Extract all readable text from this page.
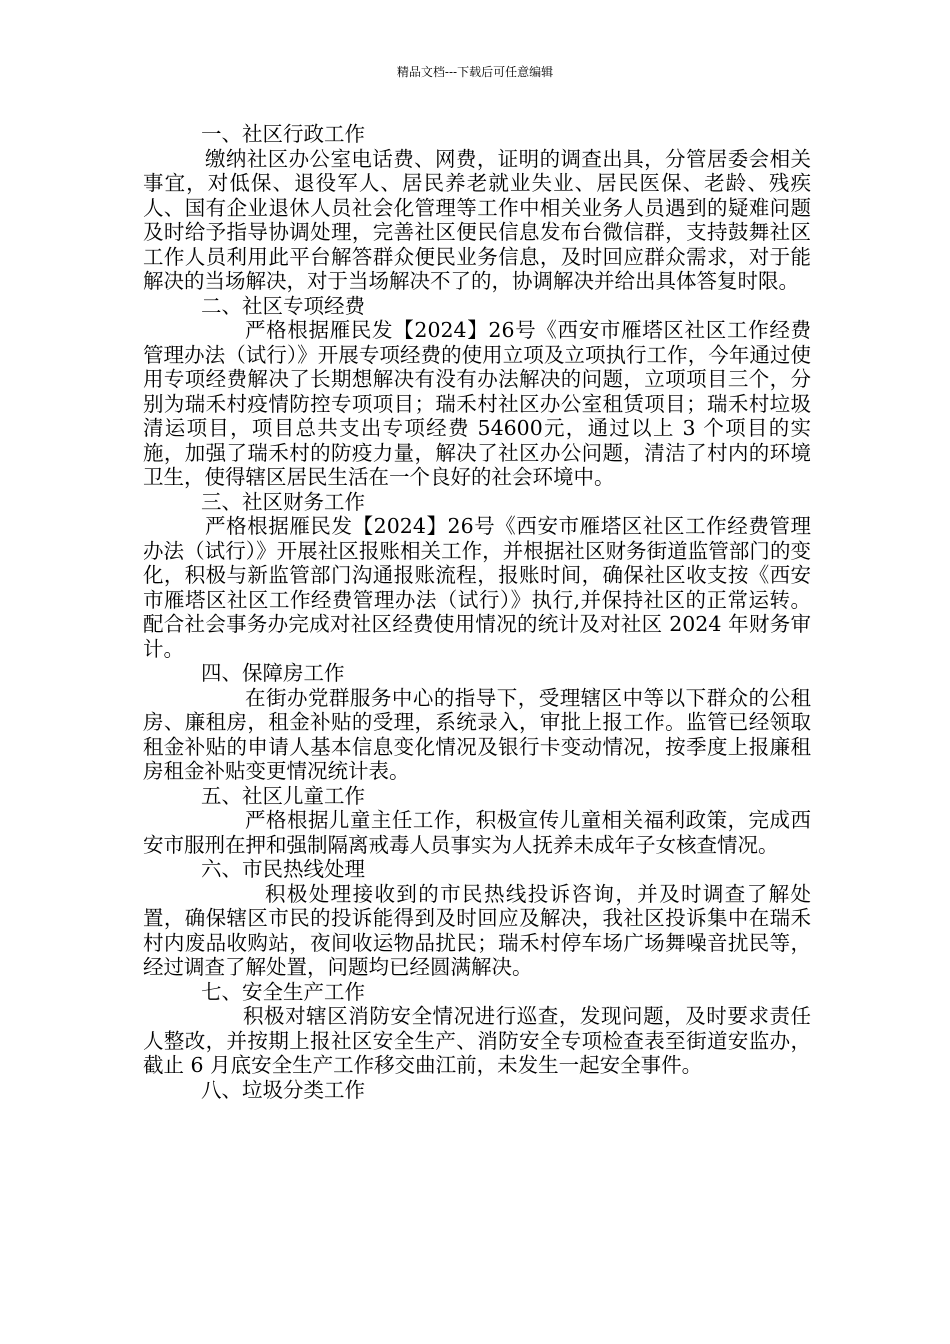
精品文档---下载后可任意编辑

一、社区行政工作

缴纳社区办公室电话费、网费，证明的调查出具，分管居委会相关事宜，对低保、退役军人、居民养老就业失业、居民医保、老龄、残疾人、国有企业退休人员社会化管理等工作中相关业务人员遇到的疑难问题及时给予指导协调处理，完善社区便民信息发布台微信群，支持鼓舞社区工作人员利用此平台解答群众便民业务信息，及时回应群众需求，对于能解决的当场解决，对于当场解决不了的，协调解决并给出具体答复时限。

二、社区专项经费

严格根据雁民发【2024】26号《西安市雁塔区社区工作经费管理办法（试行）》开展专项经费的使用立项及立项执行工作，今年通过使用专项经费解决了长期想解决有没有办法解决的问题，立项项目三个，分别为瑞禾村疫情防控专项项目；瑞禾村社区办公室租赁项目；瑞禾村垃圾清运项目，项目总共支出专项经费 54600元，通过以上 3 个项目的实施，加强了瑞禾村的防疫力量，解决了社区办公问题，清洁了村内的环境卫生，使得辖区居民生活在一个良好的社会环境中。

三、社区财务工作

严格根据雁民发【2024】26号《西安市雁塔区社区工作经费管理办法（试行）》开展社区报账相关工作，并根据社区财务街道监管部门的变化，积极与新监管部门沟通报账流程，报账时间，确保社区收支按《西安市雁塔区社区工作经费管理办法（试行）》执行,并保持社区的正常运转。配合社会事务办完成对社区经费使用情况的统计及对社区 2024 年财务审计。

四、保障房工作

在街办党群服务中心的指导下，受理辖区中等以下群众的公租房、廉租房，租金补贴的受理，系统录入，审批上报工作。监管已经领取租金补贴的申请人基本信息变化情况及银行卡变动情况，按季度上报廉租房租金补贴变更情况统计表。

五、社区儿童工作

严格根据儿童主任工作，积极宣传儿童相关福利政策，完成西安市服刑在押和强制隔离戒毒人员事实为人抚养未成年子女核查情况。

六、市民热线处理

积极处理接收到的市民热线投诉咨询，并及时调查了解处置，确保辖区市民的投诉能得到及时回应及解决，我社区投诉集中在瑞禾村内废品收购站，夜间收运物品扰民；瑞禾村停车场广场舞噪音扰民等，经过调查了解处置，问题均已经圆满解决。

七、安全生产工作

积极对辖区消防安全情况进行巡查，发现问题，及时要求责任人整改，并按期上报社区安全生产、消防安全专项检查表至街道安监办，截止 6 月底安全生产工作移交曲江前，未发生一起安全事件。

八、垃圾分类工作
